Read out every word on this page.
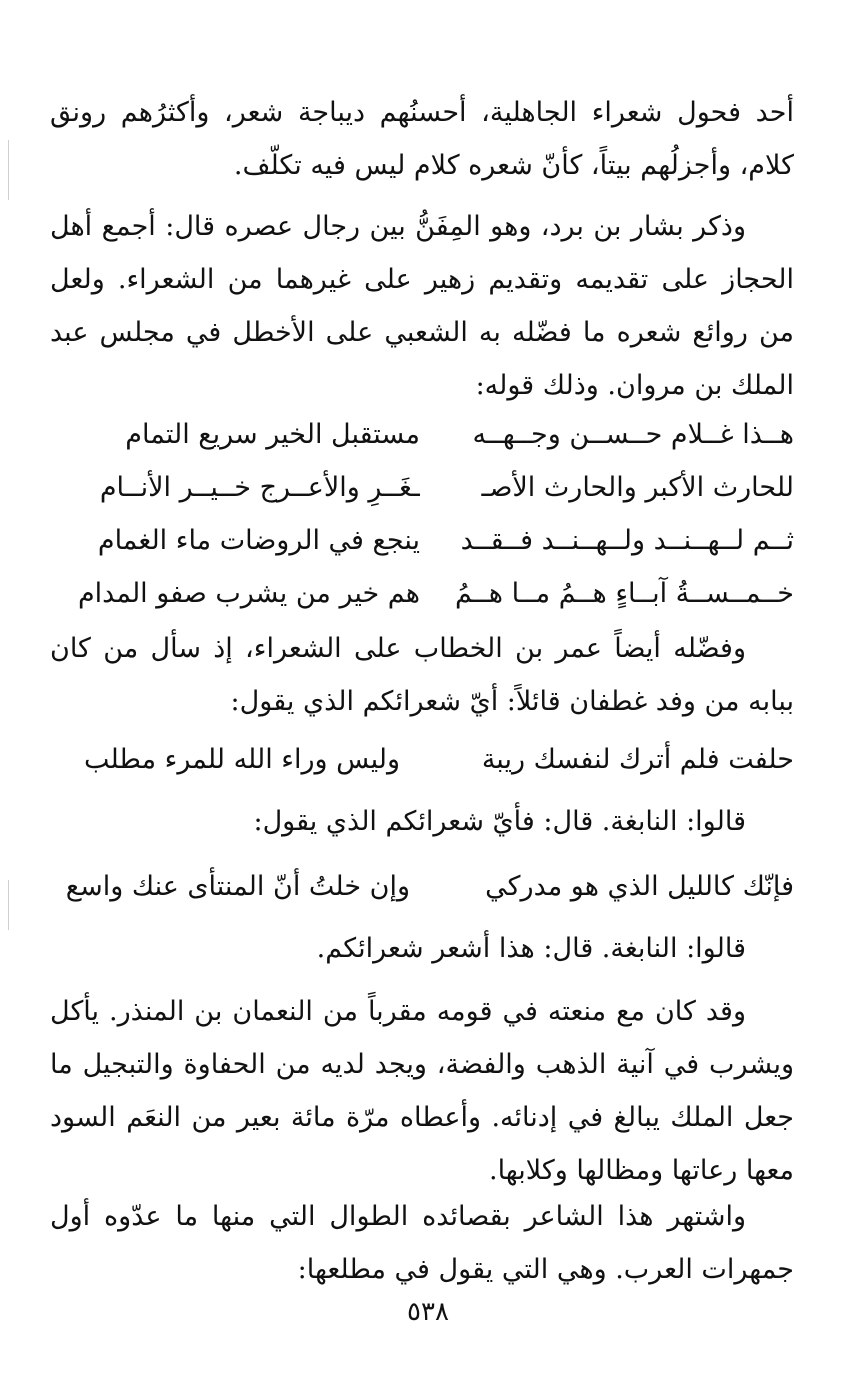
أحد فحول شعراء الجاهلية، أحسنُهم ديباجة شعر، وأكثرُهم رونق كلام، وأجزلُهم بيتاً، كأنّ شعره كلام ليس فيه تكلّف.
وذكر بشار بن برد، وهو المِفَنُّ بين رجال عصره قال: أجمع أهل الحجاز على تقديمه وتقديم زهير على غيرهما من الشعراء. ولعل من روائع شعره ما فضّله به الشعبي على الأخطل في مجلس عبد الملك بن مروان. وذلك قوله:
هــذا غــلام حــســن وجــهــه
مستقبل الخير سريع التمام
للحارث الأكبر والحارث الأصـ
ـغَــرِ والأعــرج خــيــر الأنــام
ثــم لــهــنــد ولــهــنــد فــقــد
ينجع في الروضات ماء الغمام
خــمــســةُ آبــاءٍ هــمُ مــا هــمُ
هم خير من يشرب صفو المدام
وفضّله أيضاً عمر بن الخطاب على الشعراء، إذ سأل من كان ببابه من وفد غطفان قائلاً: أيّ شعرائكم الذي يقول:
حلفت فلم أترك لنفسك ريبة
وليس وراء الله للمرء مطلب
قالوا: النابغة. قال: فأيّ شعرائكم الذي يقول:
فإنّك كالليل الذي هو مدركي
وإن خلتُ أنّ المنتأى عنك واسع
قالوا: النابغة. قال: هذا أشعر شعرائكم.
وقد كان مع منعته في قومه مقرباً من النعمان بن المنذر. يأكل ويشرب في آنية الذهب والفضة، ويجد لديه من الحفاوة والتبجيل ما جعل الملك يبالغ في إدنائه. وأعطاه مرّة مائة بعير من النعَم السود معها رعاتها ومظالها وكلابها.
واشتهر هذا الشاعر بقصائده الطوال التي منها ما عدّوه أول جمهرات العرب. وهي التي يقول في مطلعها:
٥٣٨
